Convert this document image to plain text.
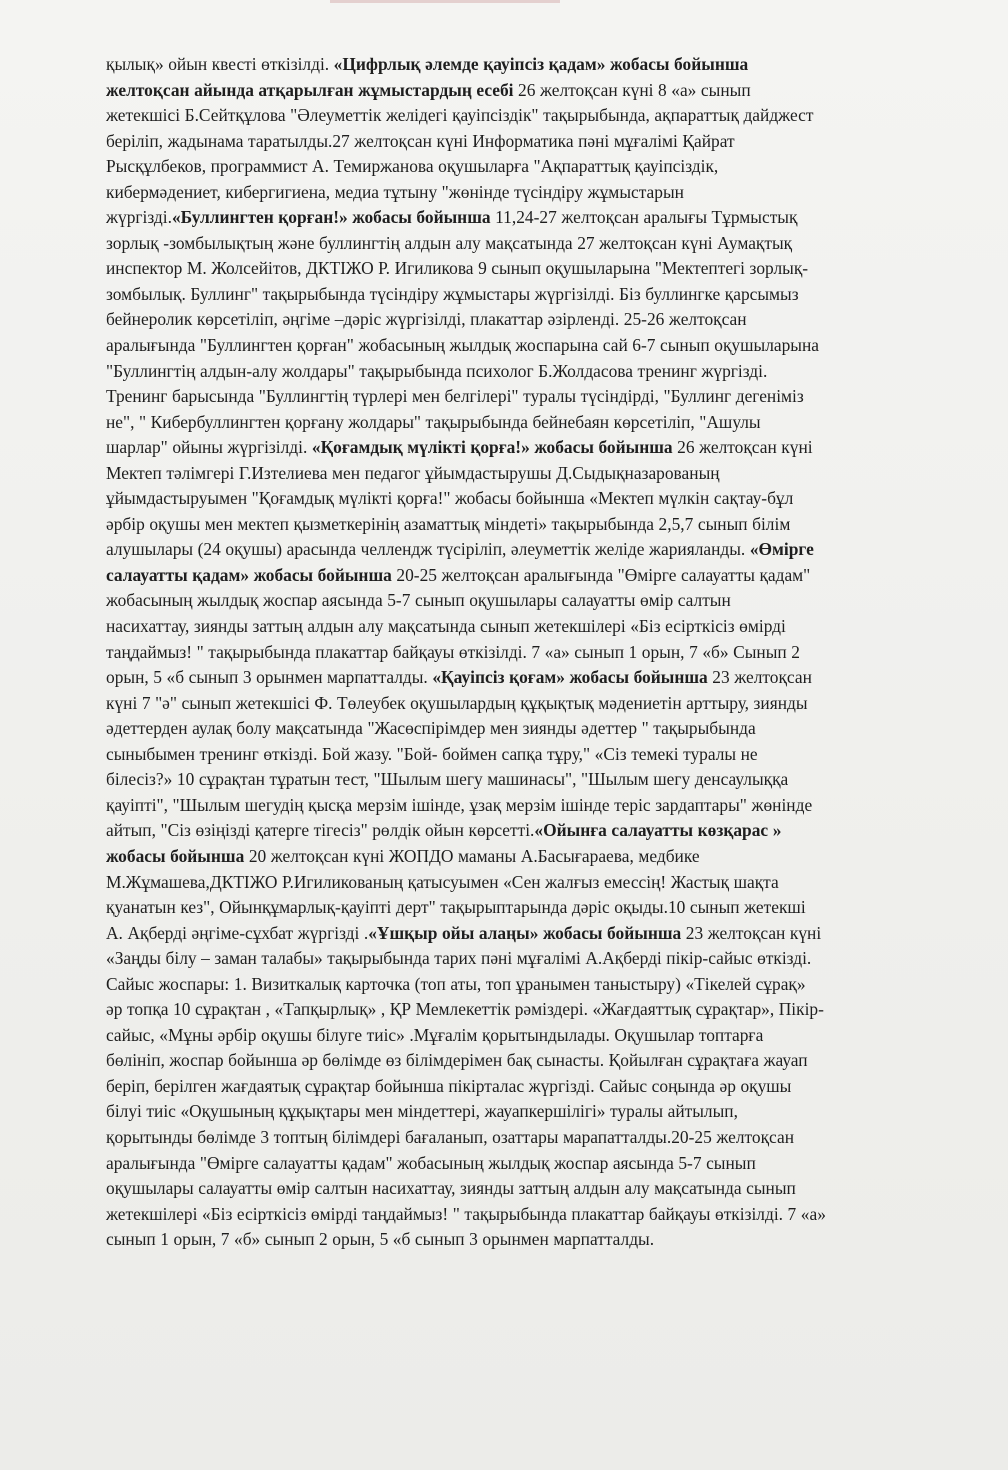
қылық» ойын квесті өткізілді. «Цифрлық әлемде қауіпсіз қадам» жобасы бойынша
желтоқсан айында атқарылған жұмыстардың есебі 26 желтоқсан күні 8 «а» сынып
жетекшісі Б.Сейтқұлова "Әлеуметтік желідегі қауіпсіздік" тақырыбында, ақпараттық дайджест
беріліп, жадынама таратылды.27 желтоқсан күні Информатика пәні мұғалімі Қайрат
Рысқұлбеков, программист А. Темиржанова оқушыларға "Ақпараттық қауіпсіздік,
кибермәдениет, кибергигиена, медиа тұтыну "жөнінде түсіндіру жұмыстарын
жүргізді.«Буллингтен қорған!» жобасы бойынша 11,24-27 желтоқсан аралығы Тұрмыстық
зорлық -зомбылықтың және буллингтің алдын алу мақсатында 27 желтоқсан күні Аумақтық
инспектор М. Жолсейітов, ДКТІЖО Р. Игиликова 9 сынып оқушыларына "Мектептегі зорлық-
зомбылық. Буллинг" тақырыбында түсіндіру жұмыстары жүргізілді. Біз буллингке қарсымыз
бейнеролик көрсетіліп, әңгіме –дәріс жүргізілді, плакаттар әзірленді. 25-26 желтоқсан
аралығында "Буллингтен қорған" жобасының жылдық жоспарына сай 6-7 сынып оқушыларына
"Буллингтің алдын-алу жолдары" тақырыбында психолог Б.Жолдасова тренинг жүргізді.
Тренинг барысында "Буллингтің түрлері мен белгілері" туралы түсіндірді, "Буллинг дегеніміз
не", " Кибербуллингтен қорғану жолдары" тақырыбында бейнебаян көрсетіліп, "Ашулы
шарлар" ойыны жүргізілді. «Қоғамдық мүлікті қорға!» жобасы бойынша 26 желтоқсан күні
Мектеп тәлімгері Г.Изтелиева мен педагог ұйымдастырушы Д.Сыдықназарованың
ұйымдастыруымен "Қоғамдық мүлікті қорға!" жобасы бойынша «Мектеп мүлкін сақтау-бұл
әрбір оқушы мен мектеп қызметкерінің азаматтық міндеті» тақырыбында 2,5,7 сынып білім
алушылары (24 оқушы) арасында челлендж түсіріліп, әлеуметтік желіде жарияланды. «Өмірге
салауатты қадам» жобасы бойынша 20-25 желтоқсан аралығында "Өмірге салауатты қадам"
жобасының жылдық жоспар аясында 5-7 сынып оқушылары салауатты өмір салтын
насихаттау, зиянды заттың алдын алу мақсатында сынып жетекшілері «Біз есірткісіз өмірді
таңдаймыз! " тақырыбында плакаттар байқауы өткізілді. 7 «а» сынып 1 орын, 7 «б» Сынып 2
орын, 5 «б сынып 3 орынмен марпатталды. «Қауіпсіз қоғам» жобасы бойынша 23 желтоқсан
күні 7 "ә" сынып жетекшісі Ф. Төлеубек оқушылардың құқықтық мәдениетін арттыру, зиянды
әдеттерден аулақ болу мақсатында "Жасөспірімдер мен зиянды әдеттер " тақырыбында
сыныбымен тренинг өткізді. Бой жазу. "Бой- боймен сапқа тұру," «Сіз темекі туралы не
білесіз?» 10 сұрақтан тұратын тест, "Шылым шегу машинасы", "Шылым шегу денсаулыққа
қауіпті", "Шылым шегудің қысқа мерзім ішінде, ұзақ мерзім ішінде теріс зардаптары" жөнінде
айтып, "Сіз өзіңізді қатерге тігесіз" рөлдік ойын көрсетті.«Ойынға салауатты көзқарас »
жобасы бойынша 20 желтоқсан күні ЖОПДО маманы А.Басығараева, медбике
М.Жұмашева,ДКТІЖО Р.Игиликованың қатысуымен «Сен жалғыз емессің! Жастық шақта
қуанатын кез", Ойынқұмарлық-қауіпті дерт" тақырыптарында дәріс оқыды.10 сынып жетекші
А. Ақберді әңгіме-сұхбат жүргізді .«Ұшқыр ойы алаңы» жобасы бойынша 23 желтоқсан күні
«Заңды білу – заман талабы» тақырыбында тарих пәні мұғалімі А.Ақберді пікір-сайыс өткізді.
Сайыс жоспары: 1. Визиткалық карточка (топ аты, топ ұранымен таныстыру) «Тікелей сұрақ»
әр топқа 10 сұрақтан , «Тапқырлық» , ҚР Мемлекеттік рәміздері. «Жағдаяттық сұрақтар», Пікір-
сайыс, «Мұны әрбір оқушы білуге тиіс» .Мұғалім қорытындылады. Оқушылар топтарға
бөлініп, жоспар бойынша әр бөлімде өз білімдерімен бақ сынасты. Қойылған сұрақтаға жауап
беріп, берілген жағдаятық сұрақтар бойынша пікірталас жүргізді. Сайыс соңында әр оқушы
білуі тиіс «Оқушының құқықтары мен міндеттері, жауапкершілігі» туралы айтылып,
қорытынды бөлімде 3 топтың білімдері бағаланып, озаттары марапатталды.20-25 желтоқсан
аралығында "Өмірге салауатты қадам" жобасының жылдық жоспар аясында 5-7 сынып
оқушылары салауатты өмір салтын насихаттау, зиянды заттың алдын алу мақсатында сынып
жетекшілері «Біз есірткісіз өмірді таңдаймыз! " тақырыбында плакаттар байқауы өткізілді. 7 «а»
сынып 1 орын, 7 «б» сынып 2 орын, 5 «б сынып 3 орынмен марпатталды.
